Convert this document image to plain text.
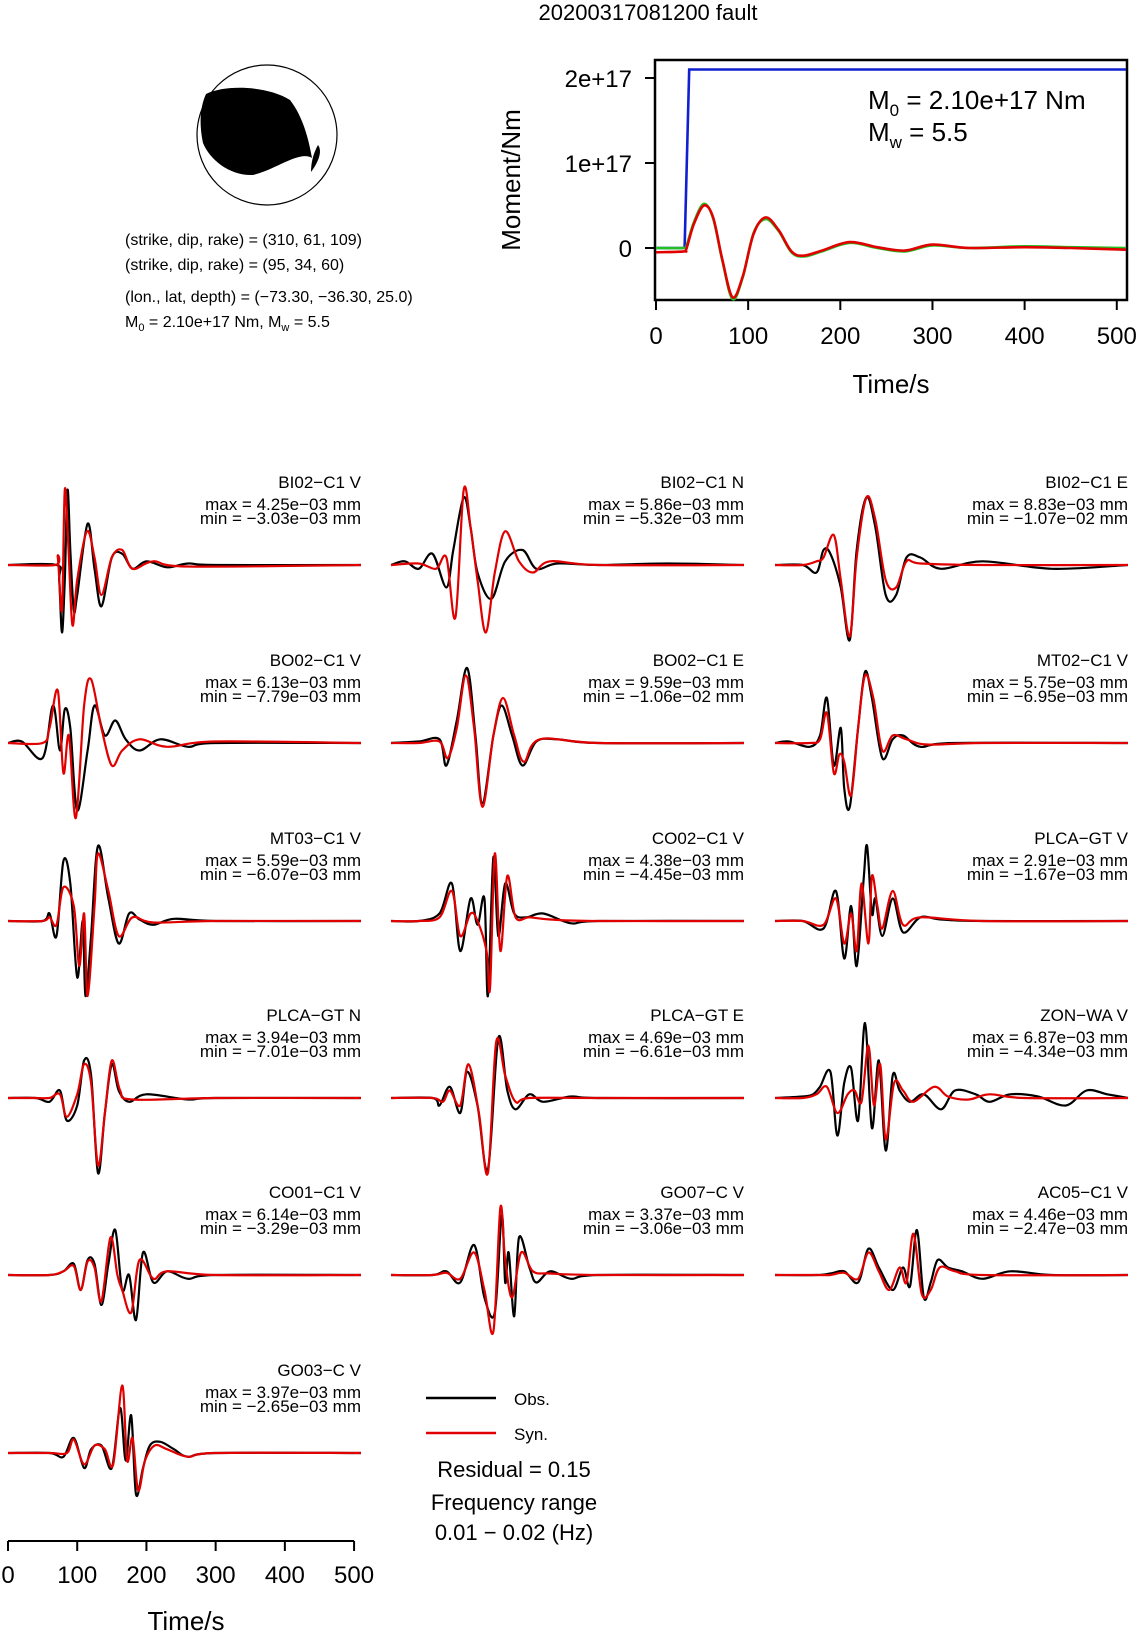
20200317081200 fault
(strike, dip, rake) = (310, 61, 109)
(strike, dip, rake) = (95, 34, 60)
(lon., lat, depth) = (−73.30, −36.30, 25.0)
$M_0 = 2.10e+17$ Nm, $M_w = 5.5$
2e+17
1e+17
0
0	100 200 300 400 500
Moment/Nm
Time/s
$M_0 = 2.10e+17$ Nm
$M_w = 5.5$
BI02−C1 V
max = 4.25e−03 mm
min = −3.03e−03 mm
BI02−C1 N
max = 5.86e−03 mm
min = −5.32e−03 mm
BI02−C1 E
max = 8.83e−03 mm
min = −1.07e−02 mm
BO02−C1 V
max = 6.13e−03 mm
min = −7.79e−03 mm
BO02−C1 E
max = 9.59e−03 mm
min = −1.06e−02 mm
MT02−C1 V
max = 5.75e−03 mm
min = −6.95e−03 mm
MT03−C1 V
max = 5.59e−03 mm
min = −6.07e−03 mm
CO02−C1 V
max = 4.38e−03 mm
min = −4.45e−03 mm
PLCA−GT V
max = 2.91e−03 mm
min = −1.67e−03 mm
PLCA−GT N
max = 3.94e−03 mm
min = −7.01e−03 mm
PLCA−GT E
max = 4.69e−03 mm
min = −6.61e−03 mm
ZON−WA V
max = 6.87e−03 mm
min = −4.34e−03 mm
CO01−C1 V
max = 6.14e−03 mm
min = −3.29e−03 mm
GO07−C V
max = 3.37e−03 mm
min = −3.06e−03 mm
AC05−C1 V
max = 4.46e−03 mm
min = −2.47e−03 mm
GO03−C V
max = 3.97e−03 mm
min = −2.65e−03 mm
0 100 200 300 400 500
Time/s
Obs.
Syn.
Residual = 0.15
Frequency range
0.01 − 0.02 (Hz)
